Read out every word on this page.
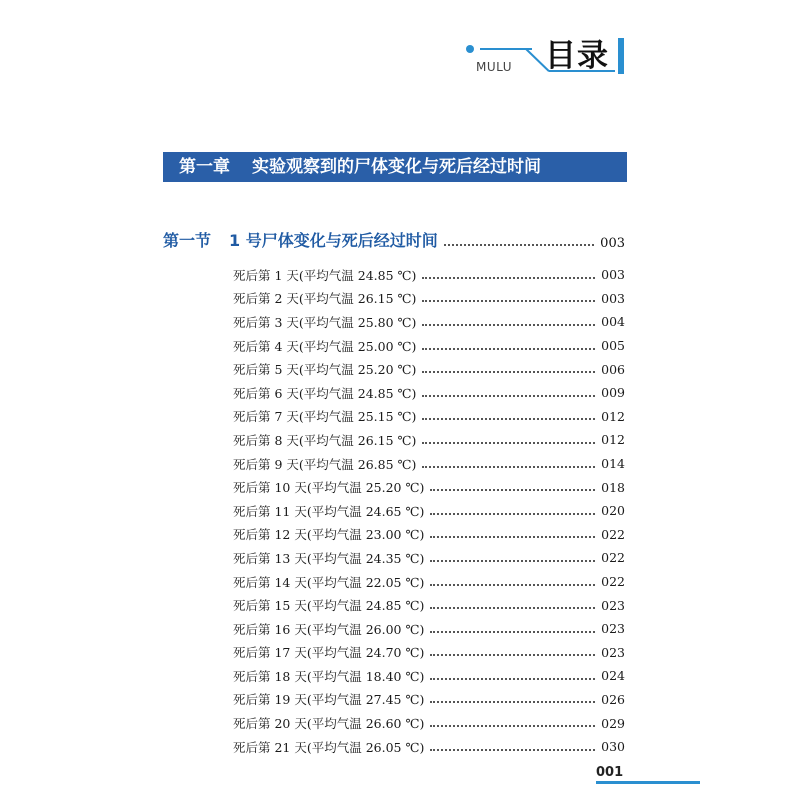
MULU 目录
第一章 实验观察到的尸体变化与死后经过时间
第一节 1 号尸体变化与死后经过时间	003
死后第 1 天(平均气温 24.85 ℃)	003
死后第 2 天(平均气温 26.15 ℃)	003
死后第 3 天(平均气温 25.80 ℃)	004
死后第 4 天(平均气温 25.00 ℃)	005
死后第 5 天(平均气温 25.20 ℃)	006
死后第 6 天(平均气温 24.85 ℃)	009
死后第 7 天(平均气温 25.15 ℃)	012
死后第 8 天(平均气温 26.15 ℃)	012
死后第 9 天(平均气温 26.85 ℃)	014
死后第 10 天(平均气温 25.20 ℃)	018
死后第 11 天(平均气温 24.65 ℃)	020
死后第 12 天(平均气温 23.00 ℃)	022
死后第 13 天(平均气温 24.35 ℃)	022
死后第 14 天(平均气温 22.05 ℃)	022
死后第 15 天(平均气温 24.85 ℃)	023
死后第 16 天(平均气温 26.00 ℃)	023
死后第 17 天(平均气温 24.70 ℃)	023
死后第 18 天(平均气温 18.40 ℃)	024
死后第 19 天(平均气温 27.45 ℃)	026
死后第 20 天(平均气温 26.60 ℃)	029
死后第 21 天(平均气温 26.05 ℃)	030
001
